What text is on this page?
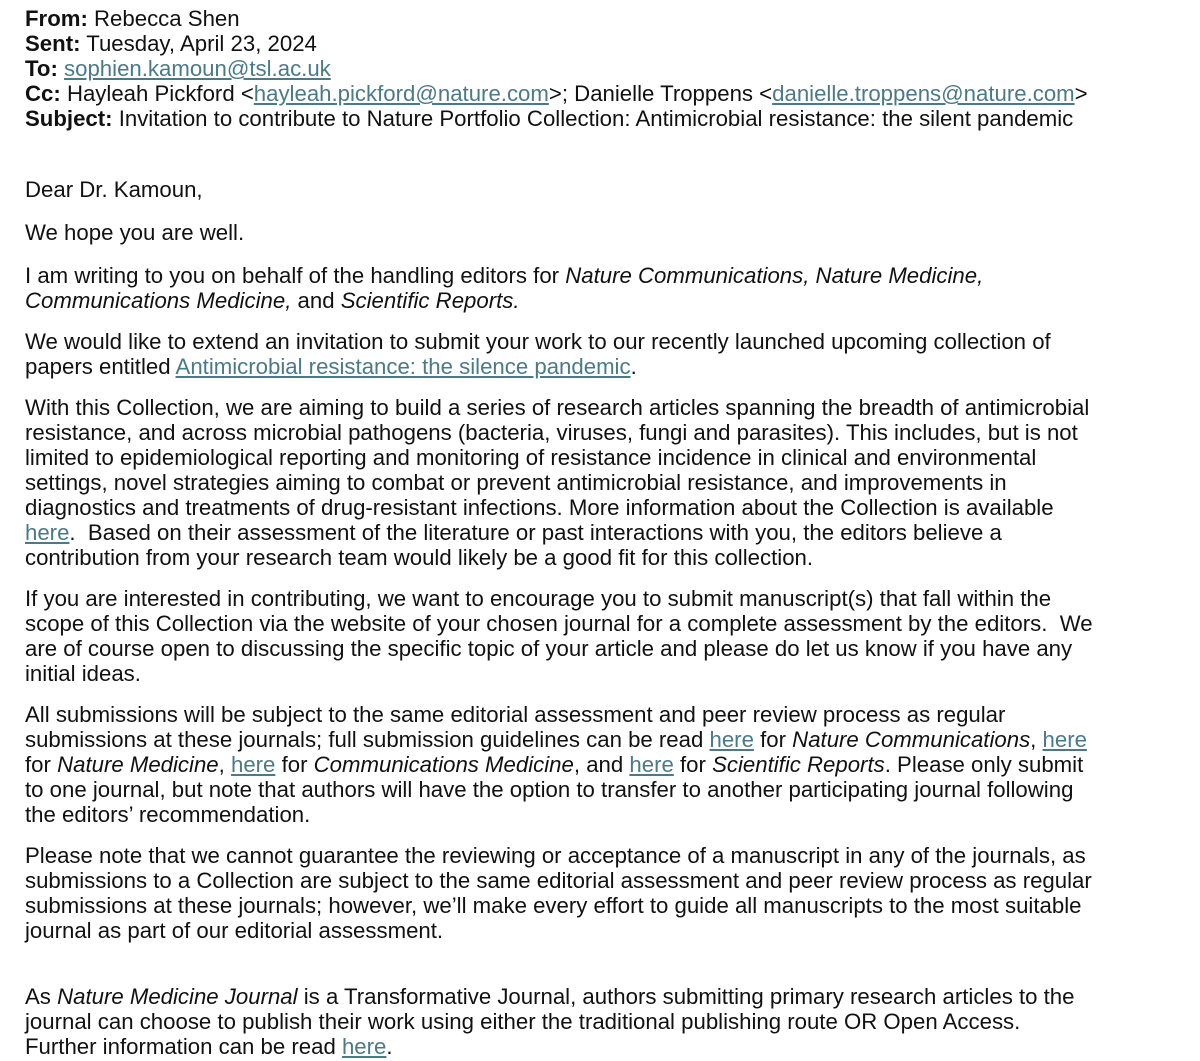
From: Rebecca Shen
Sent: Tuesday, April 23, 2024
To: sophien.kamoun@tsl.ac.uk
Cc: Hayleah Pickford <hayleah.pickford@nature.com>; Danielle Troppens <danielle.troppens@nature.com>
Subject: Invitation to contribute to Nature Portfolio Collection: Antimicrobial resistance: the silent pandemic

Dear Dr. Kamoun,

We hope you are well.

I am writing to you on behalf of the handling editors for Nature Communications, Nature Medicine,
Communications Medicine, and Scientific Reports.
We would like to extend an invitation to submit your work to our recently launched upcoming collection of
papers entitled Antimicrobial resistance: the silence pandemic.
With this Collection, we are aiming to build a series of research articles spanning the breadth of antimicrobial
resistance, and across microbial pathogens (bacteria, viruses, fungi and parasites). This includes, but is not
limited to epidemiological reporting and monitoring of resistance incidence in clinical and environmental
settings, novel strategies aiming to combat or prevent antimicrobial resistance, and improvements in
diagnostics and treatments of drug-resistant infections. More information about the Collection is available
here.  Based on their assessment of the literature or past interactions with you, the editors believe a
contribution from your research team would likely be a good fit for this collection.
If you are interested in contributing, we want to encourage you to submit manuscript(s) that fall within the
scope of this Collection via the website of your chosen journal for a complete assessment by the editors.  We
are of course open to discussing the specific topic of your article and please do let us know if you have any
initial ideas.
All submissions will be subject to the same editorial assessment and peer review process as regular
submissions at these journals; full submission guidelines can be read here for Nature Communications, here
for Nature Medicine, here for Communications Medicine, and here for Scientific Reports. Please only submit
to one journal, but note that authors will have the option to transfer to another participating journal following
the editors’ recommendation.
Please note that we cannot guarantee the reviewing or acceptance of a manuscript in any of the journals, as
submissions to a Collection are subject to the same editorial assessment and peer review process as regular
submissions at these journals; however, we’ll make every effort to guide all manuscripts to the most suitable
journal as part of our editorial assessment.
As Nature Medicine Journal is a Transformative Journal, authors submitting primary research articles to the
journal can choose to publish their work using either the traditional publishing route OR Open Access.
Further information can be read here.
